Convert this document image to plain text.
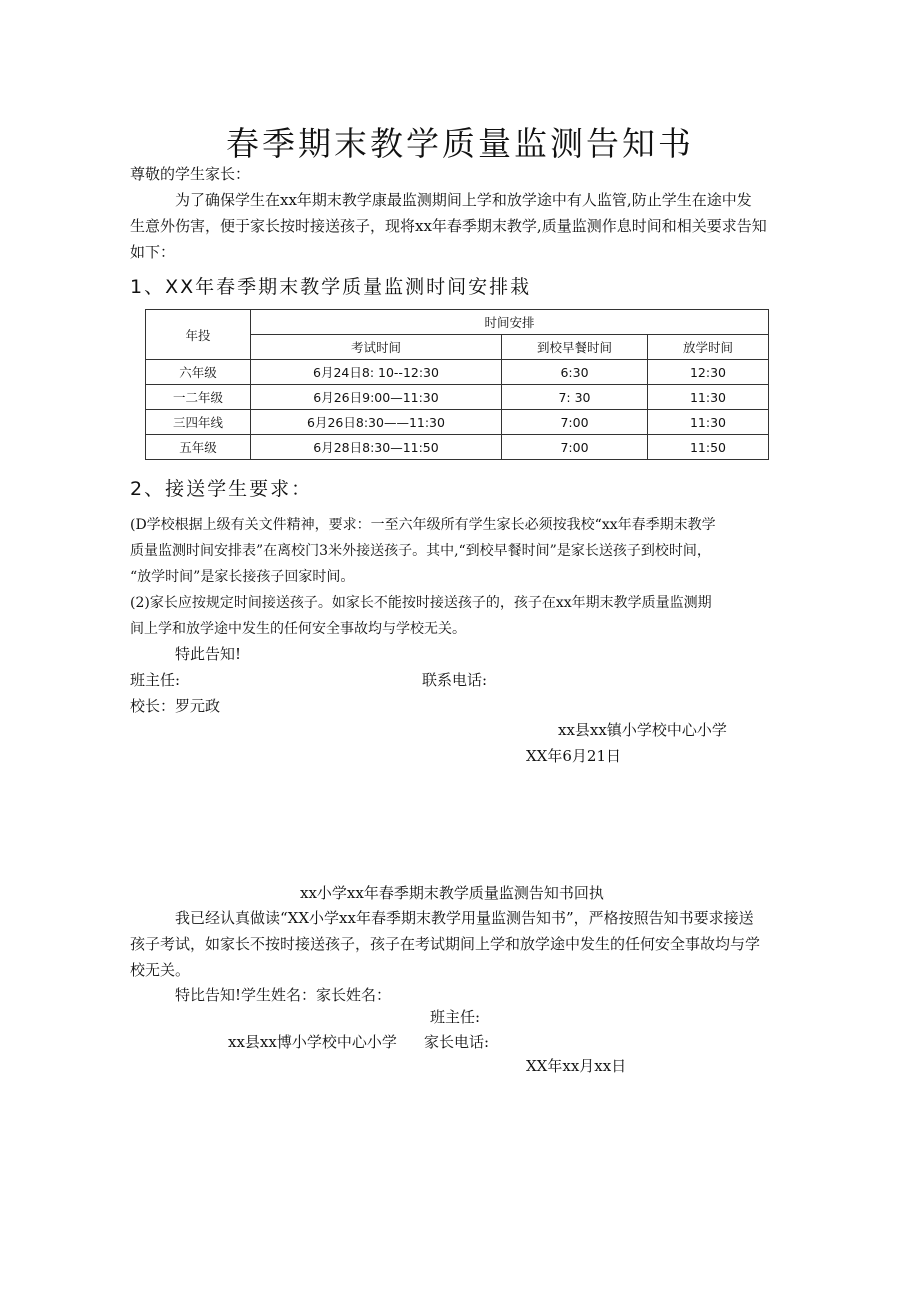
春季期末教学质量监测告知书
尊敬的学生家长：
为了确保学生在xx年期末教学康最监测期间上学和放学途中有人监管,防止学生在途中发
生意外伤害，便于家长按时接送孩子，现将xx年春季期末教学,质量监测作息时间和相关要求告知
如下：
1、XX年春季期末教学质量监测时间安排栽
年投	时间安排		
	考试时间	到校早餐时间	放学时间
六年级	6月24日8: 10--12:30	6:30	12:30
一二年级	6月26日9:00—11:30	7: 30	11:30
三四年线	6月26日8:30——11:30	7:00	11:30
五年级	6月28日8:30—11:50	7:00	11:50
2、接送学生要求：
(D学校根据上级有关文件精神，要求：一至六年级所有学生家长必须按我校“xx年春季期末教学
质量监测时间安排表”在离校门3米外接送孩子。其中,“到校早餐时间”是家长送孩子到校时间，
“放学时间”是家长接孩子回家时间。
(2)家长应按规定时间接送孩子。如家长不能按时接送孩子的，孩子在xx年期末教学质量监测期
间上学和放学途中发生的任何安全事故均与学校无关。
特此告知!
班主任:	联系电话:
校长：罗元政
xx县xx镇小学校中心小学
XX年6月21日
xx小学xx年春季期末教学质量监测告知书回执
我已经认真做读“XX小学xx年春季期末教学用量监测告知书”，严格按照告知书要求接送
孩子考试，如家长不按时接送孩子，孩子在考试期间上学和放学途中发生的任何安全事故均与学
校无关。
特比告知!学生姓名：家长姓名：
班主任:
xx县xx博小学校中心小学 家长电话:
XX年xx月xx日
